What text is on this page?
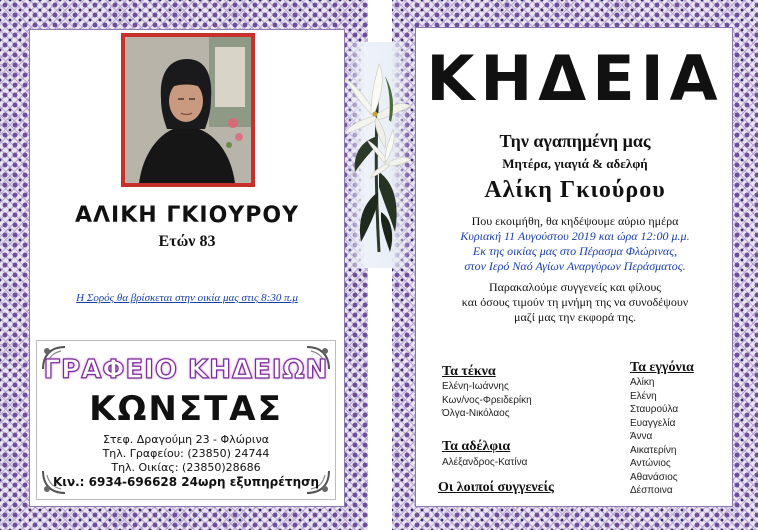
ΑΛΙΚΗ ΓΚΙΟΥΡΟΥ
Ετών 83
Η Σορός θα βρίσκεται στην οικία μας στις 8:30 π.μ
ΓΡΑΦΕΙΟ ΚΗΔΕΙΩΝ
ΚΩΝΣΤΑΣ
Στεφ. Δραγούμη 23 - Φλώρινα
Τηλ. Γραφείου: (23850) 24744
Τηλ. Οικίας: (23850)28686
Κιν.: 6934-696628 24ωρη εξυπηρέτηση
ΚΗΔΕΙΑ
Την αγαπημένη μας
Μητέρα, γιαγιά & αδελφή
Αλίκη Γκιούρου
Που εκοιμήθη, θα κηδέψουμε αύριο ημέρα
Κυριακή 11 Αυγούστου 2019 και ώρα 12:00 μ.μ.
Εκ της οικίας μας στο Πέρασμα Φλώρινας,
στον Ιερό Ναό Αγίων Αναργύρων Περάσματος.
Παρακαλούμε συγγενείς και φίλους
και όσους τιμούν τη μνήμη της να συνοδέψουν
μαζί μας την εκφορά της.
Τα τέκνα
Ελένη-Ιωάννης
Κων/νος-Φρειδερίκη
Όλγα-Νικόλαος
Τα αδέλφια
Αλέξανδρος-Κατίνα
Οι λοιποί συγγενείς
Τα εγγόνια
Αλίκη
Ελένη
Σταυρούλα
Ευαγγελία
Άννα
Αικατερίνη
Αντώνιος
Αθανάσιος
Δέσποινα
